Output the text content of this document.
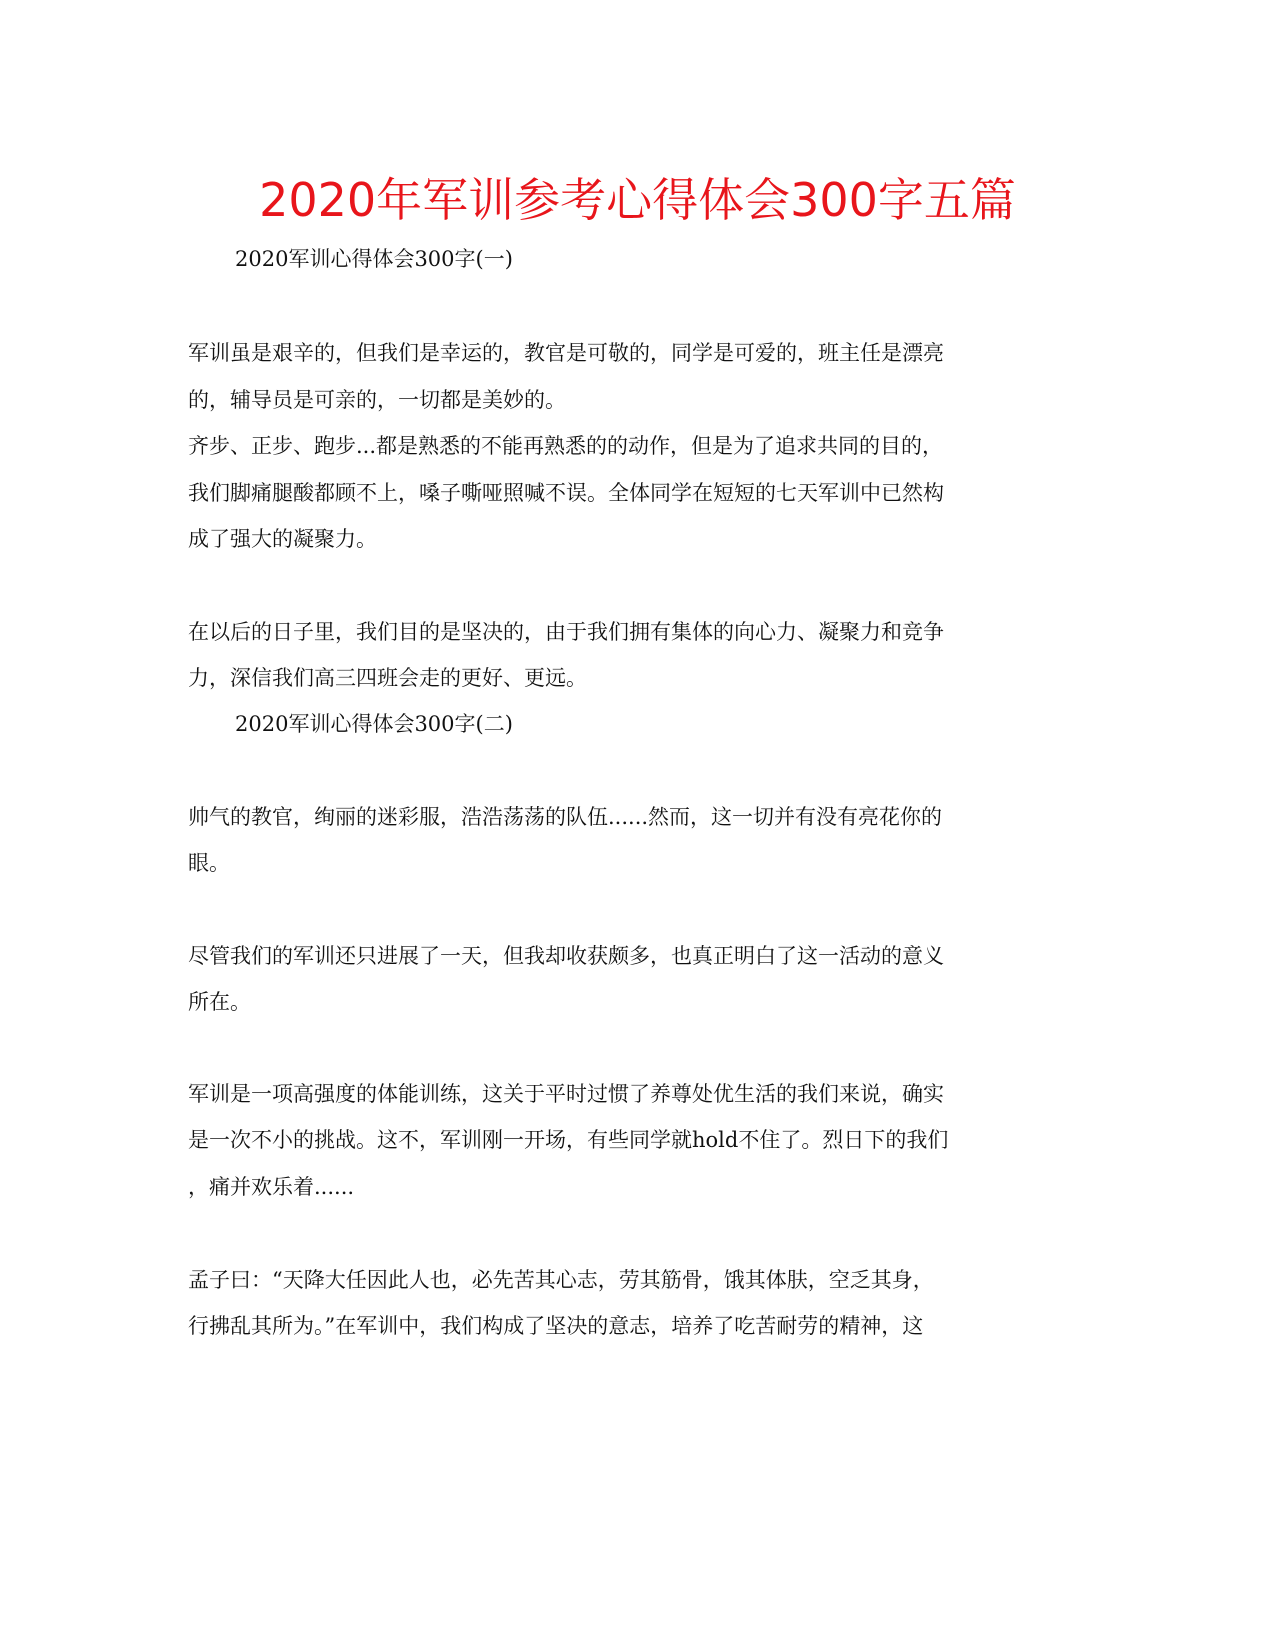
2020年军训参考心得体会300字五篇

2020军训心得体会300字(一)

军训虽是艰辛的，但我们是幸运的，教官是可敬的，同学是可爱的，班主任是漂亮

的，辅导员是可亲的，一切都是美妙的。

齐步、正步、跑步...都是熟悉的不能再熟悉的的动作，但是为了追求共同的目的，

我们脚痛腿酸都顾不上，嗓子嘶哑照喊不误。全体同学在短短的七天军训中已然构

成了强大的凝聚力。

在以后的日子里，我们目的是坚决的，由于我们拥有集体的向心力、凝聚力和竞争

力，深信我们高三四班会走的更好、更远。

2020军训心得体会300字(二)

帅气的教官，绚丽的迷彩服，浩浩荡荡的队伍......然而，这一切并有没有亮花你的

眼。

尽管我们的军训还只进展了一天，但我却收获颇多，也真正明白了这一活动的意义

所在。

军训是一项高强度的体能训练，这关于平时过惯了养尊处优生活的我们来说，确实

是一次不小的挑战。这不，军训刚一开场，有些同学就hold不住了。烈日下的我们

，痛并欢乐着......

孟子曰：“天降大任因此人也，必先苦其心志，劳其筋骨，饿其体肤，空乏其身，

行拂乱其所为。”在军训中，我们构成了坚决的意志，培养了吃苦耐劳的精神，这
